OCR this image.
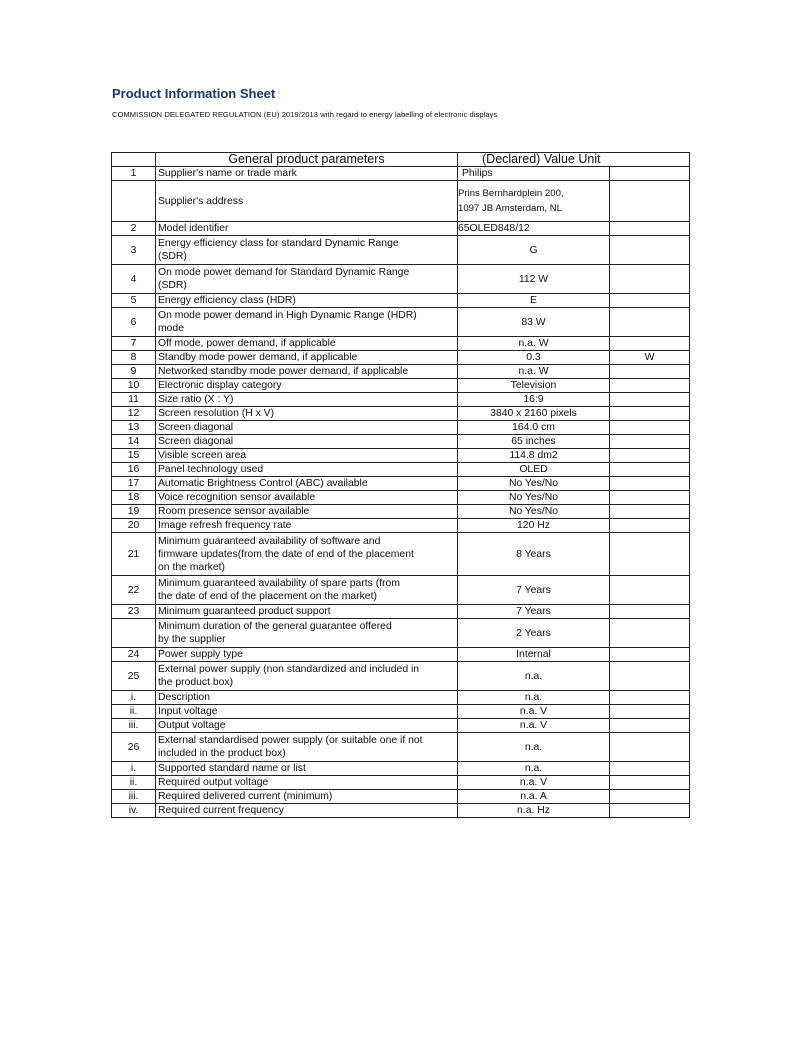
Product Information Sheet
COMMISSION DELEGATED REGULATION (EU) 2019/2013 with regard to energy labelling of electronic displays
	General product parameters	(Declared) Value Unit	
1	Supplier's name or trade mark	Philips	
	Supplier's address	Prins Bernhardplein 200,
1097 JB Amsterdam, NL	
2	Model identifier	65OLED848/12	
3	Energy efficiency class for standard Dynamic Range
(SDR)	G	
4	On mode power demand for Standard Dynamic Range
(SDR)	112 W	
5	Energy efficiency class (HDR)	E	
6	On mode power demand in High Dynamic Range (HDR)
mode	83 W	
7	Off mode, power demand, if applicable	n.a. W	
8	Standby mode power demand, if applicable	0.3	W
9	Networked standby mode power demand, if applicable	n.a. W	
10	Electronic display category	Television	
11	Size ratio (X : Y)	16:9	
12	Screen resolution (H x V)	3840 x 2160 pixels	
13	Screen diagonal	164.0 cm	
14	Screen diagonal	65 inches	
15	Visible screen area	114.8 dm2	
16	Panel technology used	OLED	
17	Automatic Brightness Control (ABC) available	No Yes/No	
18	Voice recognition sensor available	No Yes/No	
19	Room presence sensor available	No Yes/No	
20	Image refresh frequency rate	120 Hz	
21	Minimum guaranteed availability of software and
firmware updates(from the date of end of the placement
on the market)	8 Years	
22	Minimum guaranteed availability of spare parts (from
the date of end of the placement on the market)	7 Years	
23	Minimum guaranteed product support	7 Years	
	Minimum duration of the general guarantee offered
by the supplier	2 Years	
24	Power supply type	Internal	
25	External power supply (non standardized and included in
the product box)	n.a.	
i.	Description	n.a.	
ii.	Input voltage	n.a. V	
iii.	Output voltage	n.a. V	
26	External standardised power supply (or suitable one if not
included in the product box)	n.a.	
i.	Supported standard name or list	n.a.	
ii.	Required output voltage	n.a. V	
iii.	Required delivered current (minimum)	n.a. A	
iv.	Required current frequency	n.a. Hz	
